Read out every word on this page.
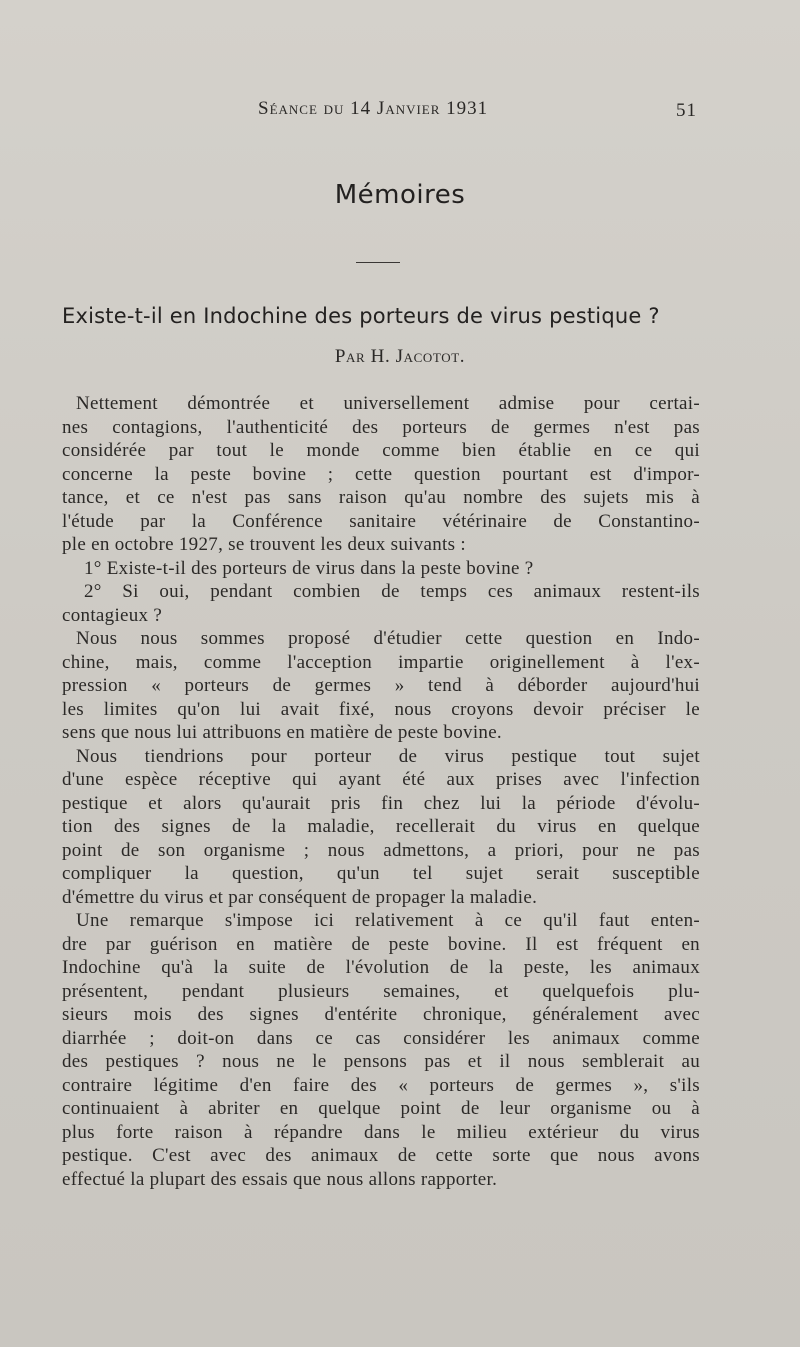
Séance du 14 Janvier 1931	51
Mémoires
Existe-t-il en Indochine des porteurs de virus pestique ?
Par H. Jacotot.
Nettement démontrée et universellement admise pour certai-
nes contagions, l'authenticité des porteurs de germes n'est pas
considérée par tout le monde comme bien établie en ce qui
concerne la peste bovine ; cette question pourtant est d'impor-
tance, et ce n'est pas sans raison qu'au nombre des sujets mis à
l'étude par la Conférence sanitaire vétérinaire de Constantino-
ple en octobre 1927, se trouvent les deux suivants :
1° Existe-t-il des porteurs de virus dans la peste bovine ?
2° Si oui, pendant combien de temps ces animaux restent-ils
contagieux ?
Nous nous sommes proposé d'étudier cette question en Indo-
chine, mais, comme l'acception impartie originellement à l'ex-
pression « porteurs de germes » tend à déborder aujourd'hui
les limites qu'on lui avait fixé, nous croyons devoir préciser le
sens que nous lui attribuons en matière de peste bovine.
Nous tiendrions pour porteur de virus pestique tout sujet
d'une espèce réceptive qui ayant été aux prises avec l'infection
pestique et alors qu'aurait pris fin chez lui la période d'évolu-
tion des signes de la maladie, recellerait du virus en quelque
point de son organisme ; nous admettons, a priori, pour ne pas
compliquer la question, qu'un tel sujet serait susceptible
d'émettre du virus et par conséquent de propager la maladie.
Une remarque s'impose ici relativement à ce qu'il faut enten-
dre par guérison en matière de peste bovine. Il est fréquent en
Indochine qu'à la suite de l'évolution de la peste, les animaux
présentent, pendant plusieurs semaines, et quelquefois plu-
sieurs mois des signes d'entérite chronique, généralement avec
diarrhée ; doit-on dans ce cas considérer les animaux comme
des pestiques ? nous ne le pensons pas et il nous semblerait au
contraire légitime d'en faire des « porteurs de germes », s'ils
continuaient à abriter en quelque point de leur organisme ou à
plus forte raison à répandre dans le milieu extérieur du virus
pestique. C'est avec des animaux de cette sorte que nous avons
effectué la plupart des essais que nous allons rapporter.
